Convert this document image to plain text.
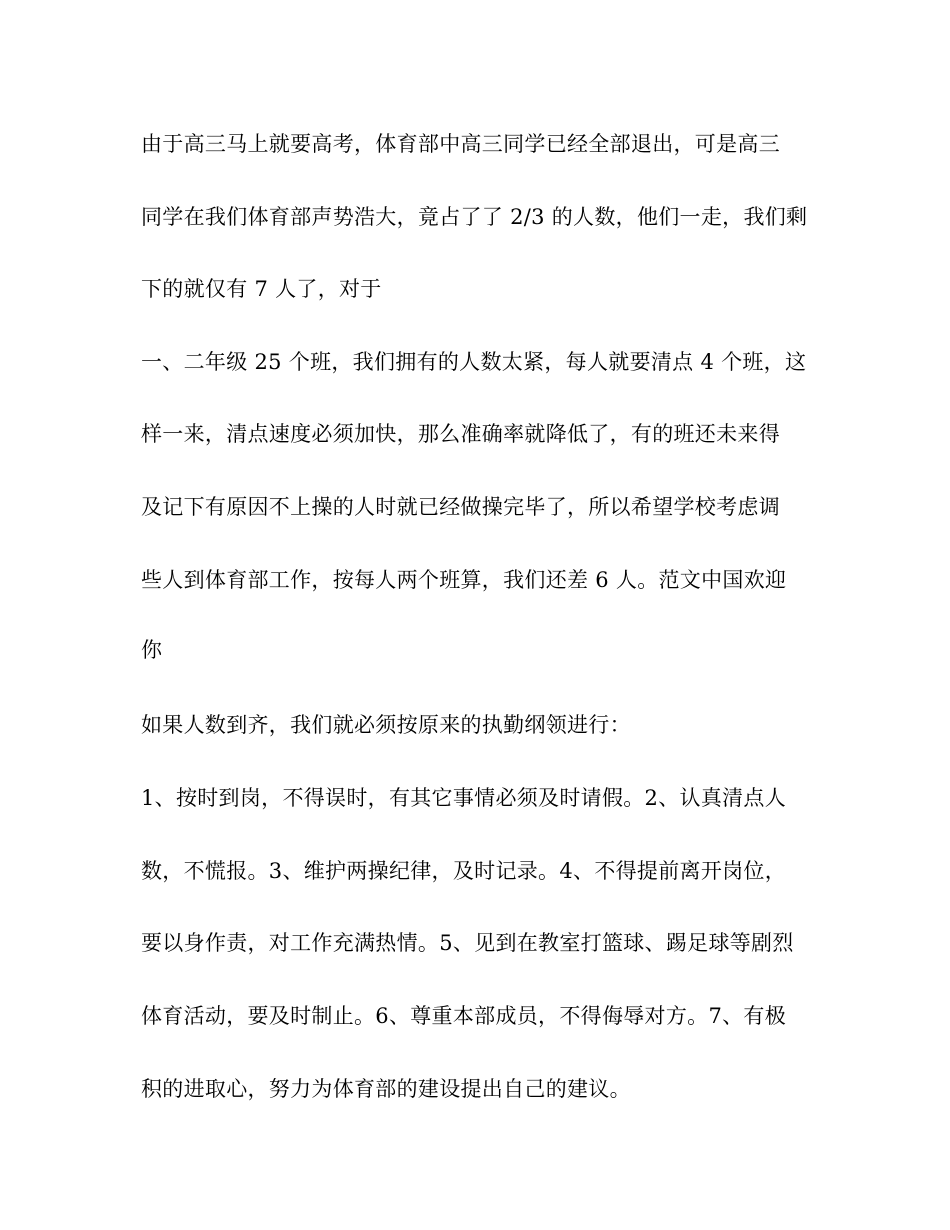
由于高三马上就要高考，体育部中高三同学已经全部退出，可是高三
同学在我们体育部声势浩大，竟占了了 2/3 的人数，他们一走，我们剩
下的就仅有 7 人了，对于
一、二年级 25 个班，我们拥有的人数太紧，每人就要清点 4 个班，这
样一来，清点速度必须加快，那么准确率就降低了，有的班还未来得
及记下有原因不上操的人时就已经做操完毕了，所以希望学校考虑调
些人到体育部工作，按每人两个班算，我们还差 6 人。范文中国欢迎
你
如果人数到齐，我们就必须按原来的执勤纲领进行：
1、按时到岗，不得误时，有其它事情必须及时请假。2、认真清点人
数，不慌报。3、维护两操纪律，及时记录。4、不得提前离开岗位，
要以身作责，对工作充满热情。5、见到在教室打篮球、踢足球等剧烈
体育活动，要及时制止。6、尊重本部成员，不得侮辱对方。7、有极
积的进取心，努力为体育部的建设提出自己的建议。
